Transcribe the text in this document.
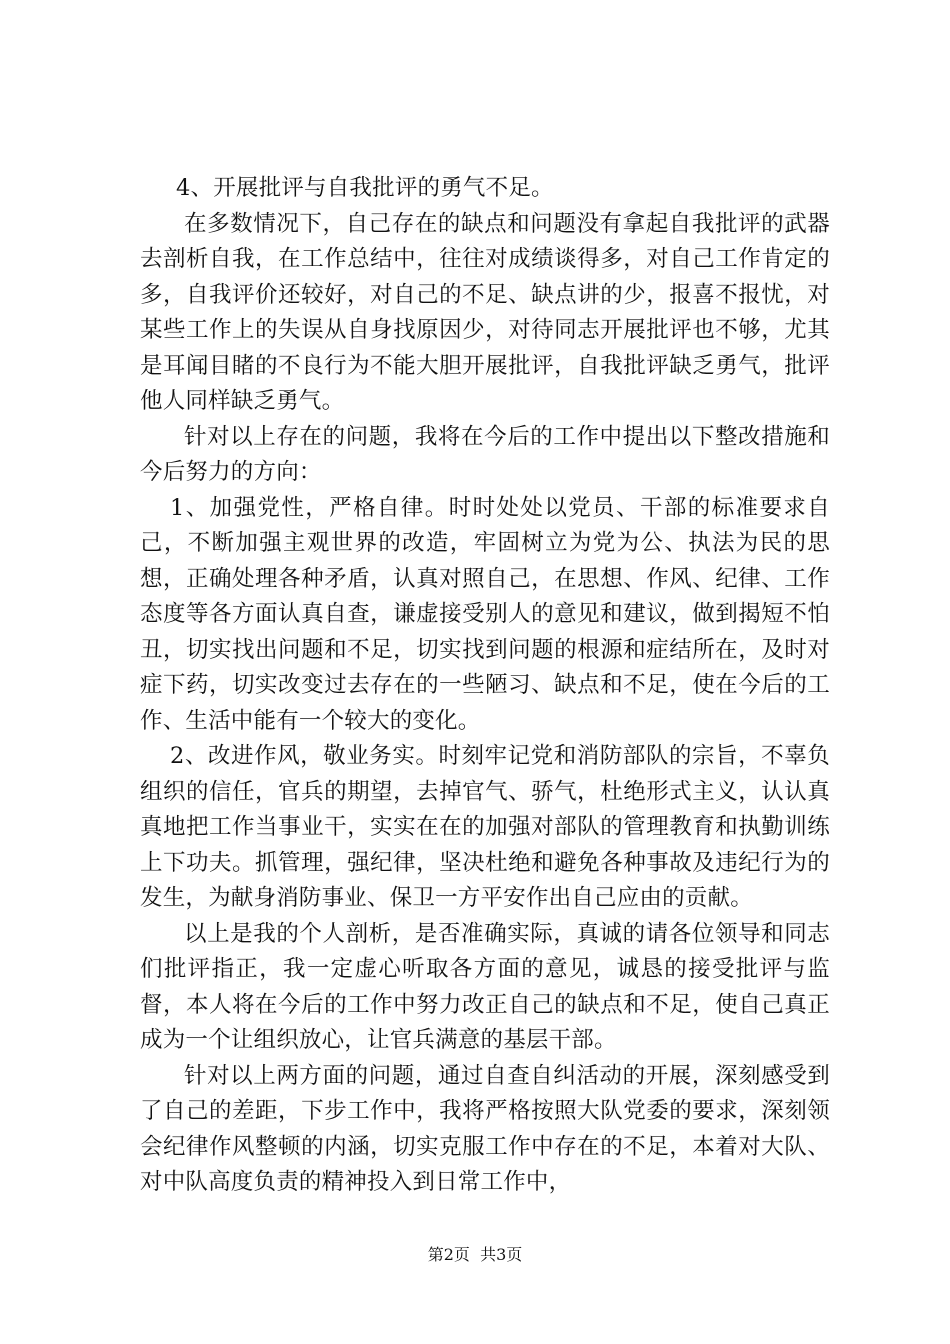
4、开展批评与自我批评的勇气不足。

在多数情况下，自己存在的缺点和问题没有拿起自我批评的武器去剖析自我，在工作总结中，往往对成绩谈得多，对自己工作肯定的多，自我评价还较好，对自己的不足、缺点讲的少，报喜不报忧，对某些工作上的失误从自身找原因少，对待同志开展批评也不够，尤其是耳闻目睹的不良行为不能大胆开展批评，自我批评缺乏勇气，批评他人同样缺乏勇气。

针对以上存在的问题，我将在今后的工作中提出以下整改措施和今后努力的方向：

1、加强党性，严格自律。时时处处以党员、干部的标准要求自己，不断加强主观世界的改造，牢固树立为党为公、执法为民的思想，正确处理各种矛盾，认真对照自己，在思想、作风、纪律、工作态度等各方面认真自查，谦虚接受别人的意见和建议，做到揭短不怕丑，切实找出问题和不足，切实找到问题的根源和症结所在，及时对症下药，切实改变过去存在的一些陋习、缺点和不足，使在今后的工作、生活中能有一个较大的变化。

2、改进作风，敬业务实。时刻牢记党和消防部队的宗旨，不辜负组织的信任，官兵的期望，去掉官气、骄气，杜绝形式主义，认认真真地把工作当事业干，实实在在的加强对部队的管理教育和执勤训练上下功夫。抓管理，强纪律，坚决杜绝和避免各种事故及违纪行为的发生，为献身消防事业、保卫一方平安作出自己应由的贡献。

以上是我的个人剖析，是否准确实际，真诚的请各位领导和同志们批评指正，我一定虚心听取各方面的意见，诚恳的接受批评与监督，本人将在今后的工作中努力改正自己的缺点和不足，使自己真正成为一个让组织放心，让官兵满意的基层干部。

针对以上两方面的问题，通过自查自纠活动的开展，深刻感受到了自己的差距，下步工作中，我将严格按照大队党委的要求，深刻领会纪律作风整顿的内涵，切实克服工作中存在的不足，本着对大队、对中队高度负责的精神投入到日常工作中，

第2页  共3页
